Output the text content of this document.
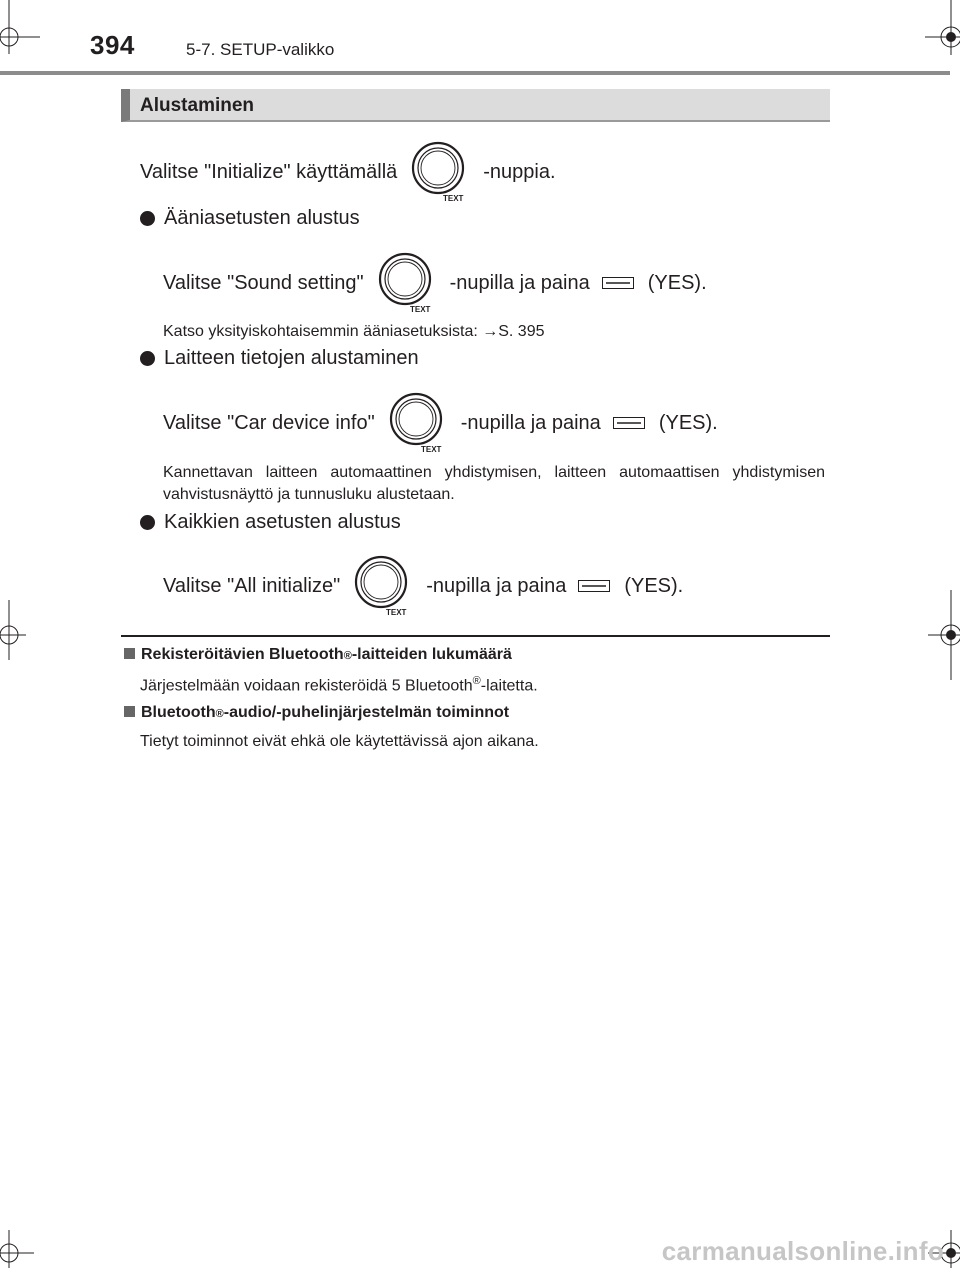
394	5-7. SETUP-valikko
Alustaminen
Valitse "Initialize" käyttämällä
TEXT
-nuppia.
Ääniasetusten alustus
Valitse "Sound setting"
TEXT
-nupilla ja paina	(YES).
Katso yksityiskohtaisemmin ääniasetuksista: →S. 395
Laitteen tietojen alustaminen
Valitse "Car device info"
TEXT
-nupilla ja paina	(YES).
Kannettavan laitteen automaattinen yhdistymisen, laitteen automaattisen yhdistymisen vahvistusnäyttö ja tunnusluku alustetaan.
Kaikkien asetusten alustus
Valitse "All initialize"
TEXT
-nupilla ja paina	(YES).
Rekisteröitävien Bluetooth ® -laitteiden lukumäärä
Järjestelmään voidaan rekisteröidä 5 Bluetooth®-laitetta.
Bluetooth ® -audio/-puhelinjärjestelmän toiminnot
Tietyt toiminnot eivät ehkä ole käytettävissä ajon aikana.
carmanualsonline.info
